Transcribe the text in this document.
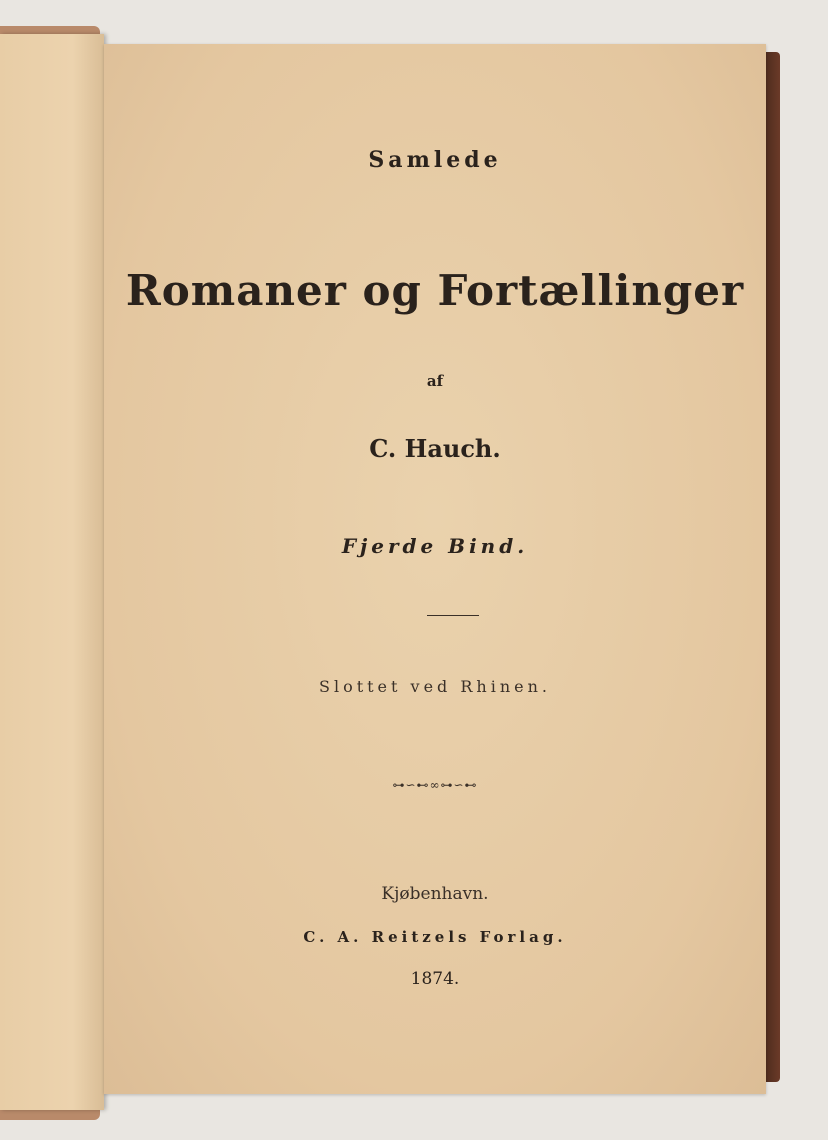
Samlede
Romaner og Fortællinger
af
C. Hauch.
Fjerde Bind.
Slottet ved Rhinen.
⊶∽⊷∞⊶∽⊷
Kjøbenhavn.
C. A. Reitzels Forlag.
1874.
